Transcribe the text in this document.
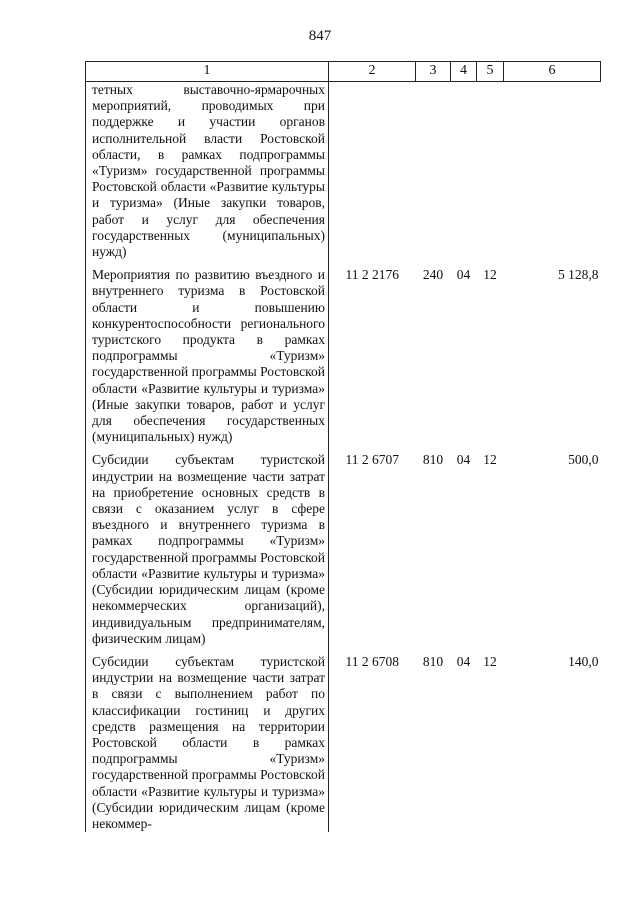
847
1	2	3	4	5	6
тетных выставочно-ярмарочных мероприятий, проводимых при поддержке и участии органов исполнительной власти Ростовской области, в рамках подпрограммы «Туризм» государственной программы Ростовской области «Развитие культуры и туризма» (Иные закупки товаров, работ и услуг для обеспечения государственных (муниципальных) нужд)					

Мероприятия по развитию въездного и внутреннего туризма в Ростовской области и повышению конкурентоспособности регионального туристского продукта в рамках подпрограммы «Туризм» государственной программы Ростовской области «Развитие культуры и туризма» (Иные закупки товаров, работ и услуг для обеспечения государственных (муниципальных) нужд)	11 2 2176	240	04	12	5 128,8

Субсидии субъектам туристской индустрии на возмещение части затрат на приобретение основных средств в связи с оказанием услуг в сфере въездного и внутреннего туризма в рамках подпрограммы «Туризм» государственной программы Ростовской области «Развитие культуры и туризма» (Субсидии юридическим лицам (кроме некоммерческих организаций), индивидуальным предпринимателям, физическим лицам)	11 2 6707	810	04	12	500,0

Субсидии субъектам туристской индустрии на возмещение части затрат в связи с выполнением работ по классификации гостиниц и других средств размещения на территории Ростовской области в рамках подпрограммы «Туризм» государственной программы Ростовской области «Развитие культуры и туризма» (Субсидии юридическим лицам (кроме некоммер-	11 2 6708	810	04	12	140,0
